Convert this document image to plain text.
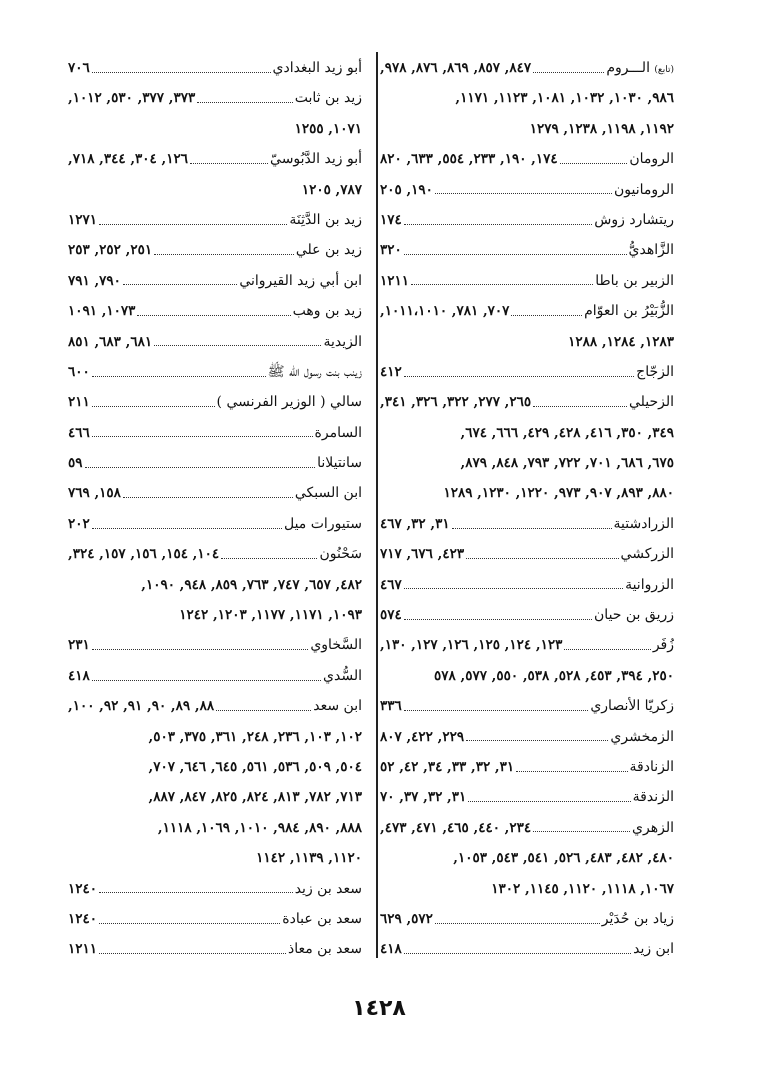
(تابع) الـــروم
٨٤٧, ٨٥٧, ٨٦٩, ٨٧٦, ٩٧٨,
٩٨٦, ١٠٣٠, ١٠٣٢, ١٠٨١, ١١٢٣, ١١٧١,
١١٩٢, ١١٩٨, ١٢٣٨, ١٢٧٩
الرومان
١٧٤, ١٩٠, ٢٣٣, ٥٥٤, ٦٣٣, ٨٢٠
الرومانيون
١٩٠, ٢٠٥
ريتشارد زوش
١٧٤
الزَّاهديُّ
٣٢٠
الزبير بن باطا
١٢١١
الزُّبَيْرُ بن العوّام
٧٠٧, ٧٨١, ١٠١١،١٠١٠,
١٢٨٣, ١٢٨٤, ١٢٨٨
الزجّاج
٤١٢
الزحيلي
٢٦٥, ٢٧٧, ٣٢٢, ٣٢٦, ٣٤١,
٣٤٩, ٣٥٠, ٤١٦, ٤٢٨, ٤٢٩, ٦٦٦, ٦٧٤,
٦٧٥, ٦٨٦, ٧٠١, ٧٢٢, ٧٩٣, ٨٤٨, ٨٧٩,
٨٨٠, ٨٩٣, ٩٠٧, ٩٧٣, ١٢٢٠, ١٢٣٠, ١٢٨٩
الزرادشتية
٣١, ٣٢, ٤٦٧
الزركشي
٤٢٣, ٦٧٦, ٧١٧
الزروانية
٤٦٧
زريق بن حيان
٥٧٤
زُفَر
١٢٣, ١٢٤, ١٢٥, ١٢٦, ١٢٧, ١٣٠,
٢٥٠, ٣٩٤, ٤٥٣, ٥٢٨, ٥٣٨, ٥٥٠, ٥٧٧, ٥٧٨
زكريّا الأنصاري
٣٣٦
الزمخشري
٢٢٩, ٤٢٢, ٨٠٧
الزنادقة
٣١, ٣٢, ٣٣, ٣٤, ٤٢, ٥٢
الزندقة
٣١, ٣٢, ٣٧, ٧٠
الزهري
٢٣٤, ٤٤٠, ٤٦٥, ٤٧١, ٤٧٣,
٤٨٠, ٤٨٢, ٤٨٣, ٥٢٦, ٥٤١, ٥٤٣, ١٠٥٣,
١٠٦٧, ١١١٨, ١١٢٠, ١١٤٥, ١٣٠٢
زياد بن حُدَيْر
٥٧٢, ٦٢٩
ابن زيد
٤١٨
أبو زيد البغدادي
٧٠٦
زيد بن ثابت
٣٧٣, ٣٧٧, ٥٣٠, ١٠١٢,
١٠٧١, ١٢٥٥
أبو زيد الدَّبُوسيّ
١٢٦, ٣٠٤, ٣٤٤, ٧١٨,
٧٨٧, ١٢٠٥
زيد بن الدَّثِنَة
١٢٧١
زيد بن علي
٢٥١, ٢٥٢, ٢٥٣
ابن أبي زيد القيرواني
٧٩٠, ٧٩١
زيد بن وهب
١٠٧٣, ١٠٩١
الزيدية
٦٨١, ٦٨٣, ٨٥١
زينب بنت رسول الله ﷺ
٦٠٠
سالي ( الوزير الفرنسي )
٢١١
السامرة
٤٦٦
سانتيلانا
٥٩
ابن السبكي
١٥٨, ٧٦٩
ستيورات ميل
٢٠٢
سَحْنُون
١٠٤, ١٥٤, ١٥٦, ١٥٧, ٣٢٤,
٤٨٢, ٦٥٧, ٧٤٧, ٧٦٣, ٨٥٩, ٩٤٨, ١٠٩٠,
١٠٩٣, ١١٧١, ١١٧٧, ١٢٠٣, ١٢٤٢
السَّخاوي
٢٣١
السُّدي
٤١٨
ابن سعد
٨٨, ٨٩, ٩٠, ٩١, ٩٢, ١٠٠,
١٠٢, ١٠٣, ٢٣٦, ٢٤٨, ٣٦١, ٣٧٥, ٥٠٣,
٥٠٤, ٥٠٩, ٥٣٦, ٥٦١, ٦٤٥, ٦٤٦, ٧٠٧,
٧١٣, ٧٨٢, ٨١٣, ٨٢٤, ٨٢٥, ٨٤٧, ٨٨٧,
٨٨٨, ٨٩٠, ٩٨٤, ١٠١٠, ١٠٦٩, ١١١٨,
١١٢٠, ١١٣٩, ١١٤٢
سعد بن زيد
١٢٤٠
سعد بن عبادة
١٢٤٠
سعد بن معاذ
١٢١١
١٤٢٨
